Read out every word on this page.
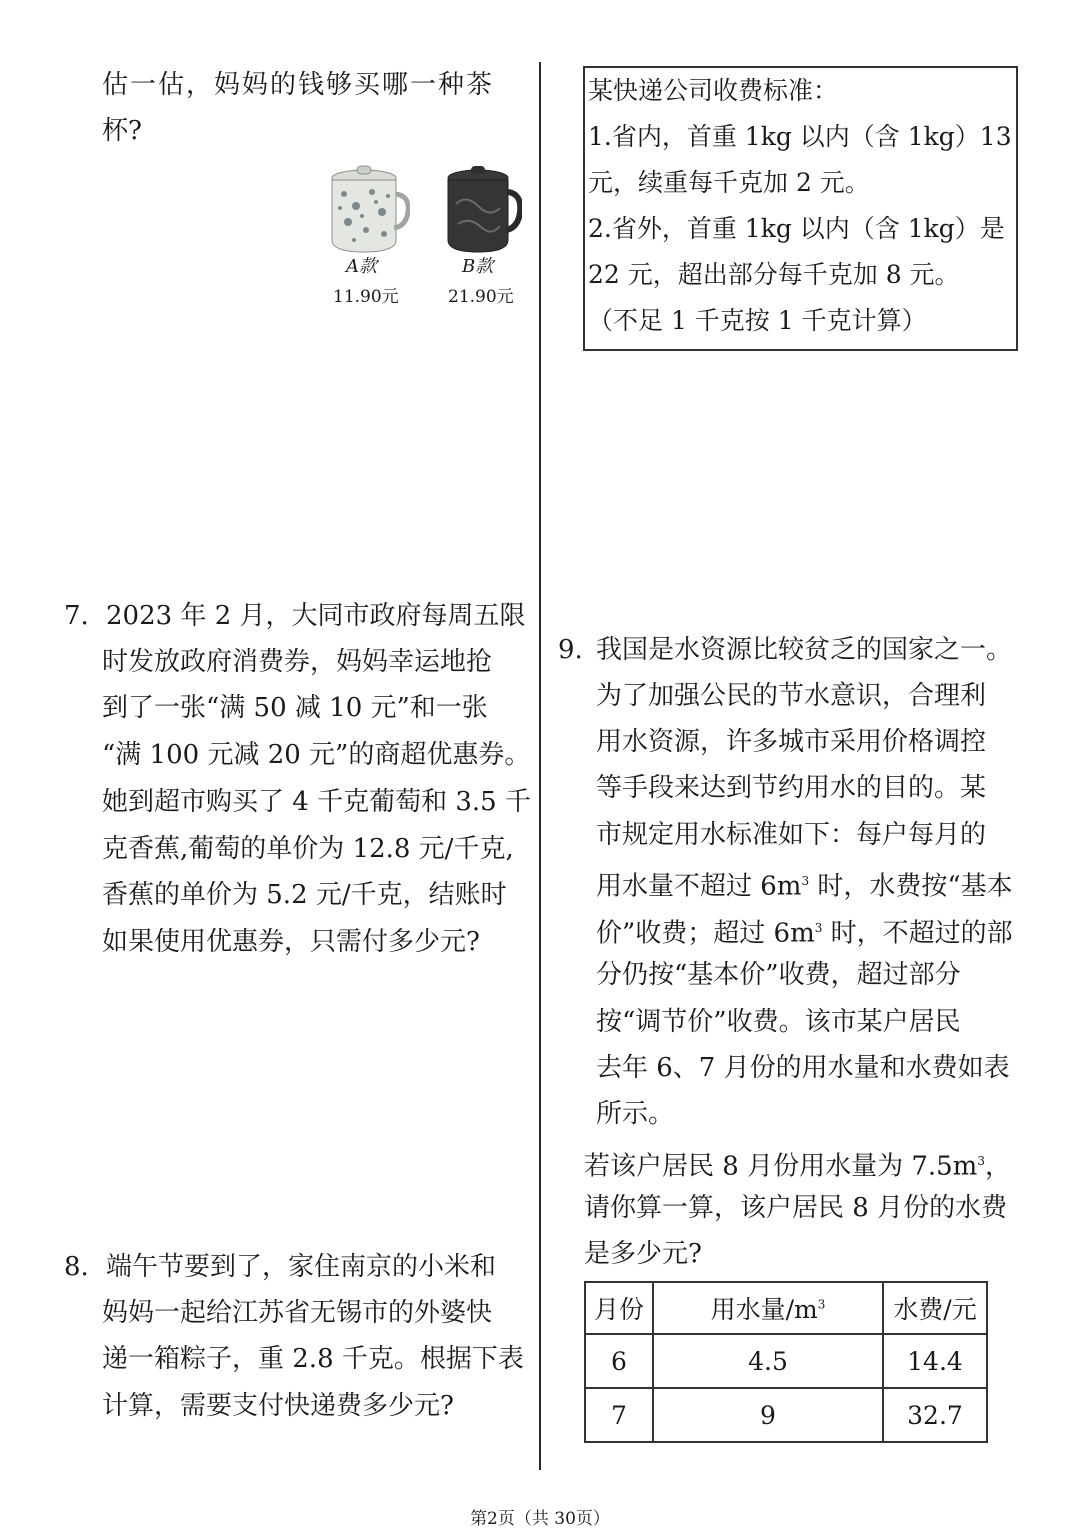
估一估，妈妈的钱够买哪一种茶
杯?
A款
11.90元
B款
21.90元
某快递公司收费标准：
1.省内，首重 1kg 以内（含 1kg）13
元，续重每千克加 2 元。
2.省外，首重 1kg 以内（含 1kg）是
22 元，超出部分每千克加 8 元。
（不足 1 千克按 1 千克计算）
7. 2023 年 2 月，大同市政府每周五限
时发放政府消费券，妈妈幸运地抢
到了一张“满 50 减 10 元”和一张
“满 100 元减 20 元”的商超优惠券。
她到超市购买了 4 千克葡萄和 3.5 千
克香蕉,葡萄的单价为 12.8 元/千克,
香蕉的单价为 5.2 元/千克，结账时
如果使用优惠券，只需付多少元?
8. 端午节要到了，家住南京的小米和
妈妈一起给江苏省无锡市的外婆快
递一箱粽子，重 2.8 千克。根据下表
计算，需要支付快递费多少元?
9. 我国是水资源比较贫乏的国家之一。
为了加强公民的节水意识，合理利
用水资源，许多城市采用价格调控
等手段来达到节约用水的目的。某
市规定用水标准如下：每户每月的
用水量不超过 $6m^3$ 时，水费按“基本
价”收费；超过 $6m^3$ 时，不超过的部
分仍按“基本价”收费，超过部分
按“调节价”收费。该市某户居民
去年 6、7 月份的用水量和水费如表
所示。
若该户居民 8 月份用水量为 $7.5m^3$，
请你算一算，该户居民 8 月份的水费
是多少元?
月份	用水量$/m^3$	水费/元
6	4.5	14.4
7	9	32.7
第2页（共 30页）
